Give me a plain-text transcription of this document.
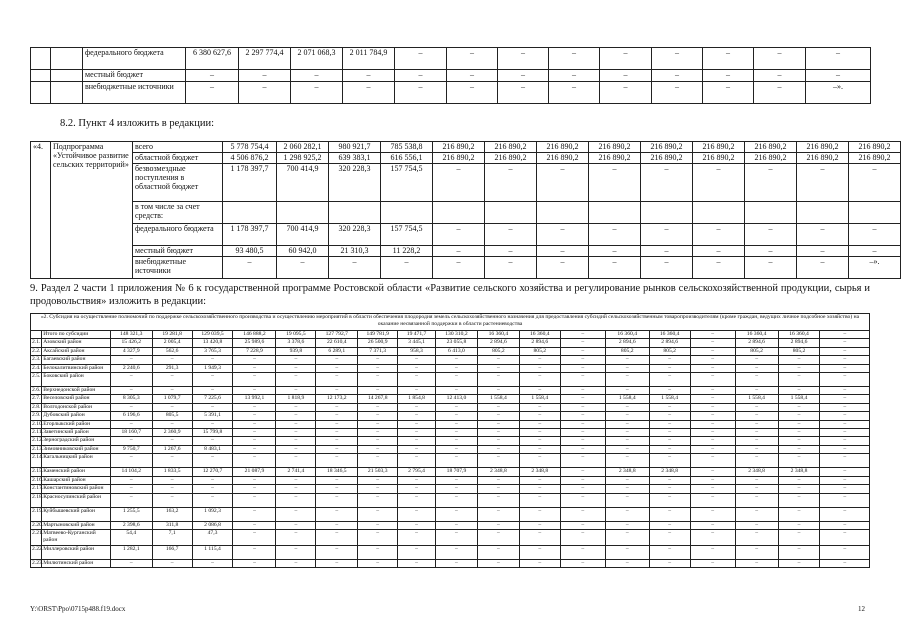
		федерального бюджета	6 380 627,6	2 297 774,4	2 071 068,3	2 011 784,9	–	–	–	–	–	–	–	–	–
		местный бюджет	–	–	–	–	–	–	–	–	–	–	–	–	–
		внебюджетные источники	–	–	–	–	–	–	–	–	–	–	–	–	–».
8.2. Пункт 4 изложить в редакции:
«4.	Подпрограмма «Устойчивое развитие сельских территорий»	всего	5 778 754,4	2 060 282,1	980 921,7	785 538,8	216 890,2	216 890,2	216 890,2	216 890,2	216 890,2	216 890,2	216 890,2	216 890,2	216 890,2
		областной бюджет	4 506 876,2	1 298 925,2	639 383,1	616 556,1	216 890,2	216 890,2	216 890,2	216 890,2	216 890,2	216 890,2	216 890,2	216 890,2	216 890,2
		безвозмездные поступления в областной бюджет	1 178 397,7	700 414,9	320 228,3	157 754,5	–	–	–	–	–	–	–	–	–
		в том числе за счет средств:													
		федерального бюджета	1 178 397,7	700 414,9	320 228,3	157 754,5	–	–	–	–	–	–	–	–	–
		местный бюджет	93 480,5	60 942,0	21 310,3	11 228,2	–	–	–	–	–	–	–	–	–
		внебюджетные источники	–	–	–	–	–	–	–	–	–	–	–	–	–».
9. Раздел 2 части 1 приложения № 6 к государственной программе Ростовской области «Развитие сельского хозяйства и регулирование рынков сельскохозяйственной продукции, сырья и продовольствия» изложить в редакции:
«2. Субсидия на осуществление полномочий по поддержке сельскохозяйственного производства и осуществлению мероприятий в области обеспечения плодородия земель сельскохозяйственного назначения для предоставления субсидий сельскохозяйственным товаропроизводителям (кроме граждан, ведущих личное подсобное хозяйство) на оказание несвязанной поддержки в области растениеводства																			
	Итого по субсидии	148 321,3	19 281,8	129 039,5	146 888,2	19 095,5	127 792,7	149 781,9	19 471,7	130 310,2	16 360,4	16 360,4	–	16 360,4	16 360,4	–	16 360,4	16 360,4	–
2.1.	Азовский район	15 426,2	2 005,4	13 420,8	25 989,6	3 378,6	22 610,4	26 500,9	3 445,1	23 055,8	2 894,6	2 894,6	–	2 894,6	2 894,6	–	2 894,6	2 894,6	–
2.2.	Аксайский район	4 327,9	562,6	3 765,3	7 228,9	939,8	6 289,1	7 371,3	958,3	6 413,0	805,2	805,2	–	805,2	805,2	–	805,2	805,2	–
2.3.	Багаевский район	–	–	–	–	–	–	–	–	–	–	–	–	–	–	–	–	–	–
2.4.	Белокалитвинский район	2 240,6	291,3	1 949,3	–	–	–	–	–	–	–	–	–	–	–	–	–	–	–
2.5.	Боковский район	–	–	–	–	–	–	–	–	–	–	–	–	–	–	–	–	–	–
2.6.	Верхнедонской район	–	–	–	–	–	–	–	–	–	–	–	–	–	–	–	–	–	–
2.7.	Веселовский район	8 305,3	1 079,7	7 225,6	13 992,1	1 818,9	12 173,2	14 267,8	1 854,8	12 413,0	1 558,4	1 558,4	–	1 558,4	1 558,4	–	1 558,4	1 558,4	–
2.8.	Волгодонской район	–	–	–	–	–	–	–	–	–	–	–	–	–	–	–	–	–	–
2.9.	Дубовский район	6 196,6	805,5	5 391,1	–	–	–	–	–	–	–	–	–	–	–	–	–	–	–
2.10.	Егорлыкский район	–	–	–	–	–	–	–	–	–	–	–	–	–	–	–	–	–	–
2.11.	Заветинский район	18 160,7	2 360,9	15 799,8	–	–	–	–	–	–	–	–	–	–	–	–	–	–	–
2.12.	Зерноградский район	–	–	–	–	–	–	–	–	–	–	–	–	–	–	–	–	–	–
2.13.	Зимовниковский район	9 750,7	1 267,6	8 483,1	–	–	–	–	–	–	–	–	–	–	–	–	–	–	–
2.14.	Кагальницкий район	–	–	–	–	–	–	–	–	–	–	–	–	–	–	–	–	–	–
2.15.	Каменский район	14 104,2	1 833,5	12 270,7	21 087,9	2 741,4	18 346,5	21 503,3	2 795,4	18 707,9	2 348,8	2 348,8	–	2 348,8	2 348,8	–	2 348,8	2 348,8	–
2.16.	Кашарский район	–	–	–	–	–	–	–	–	–	–	–	–	–	–	–	–	–	–
2.17.	Константиновский район	–	–	–	–	–	–	–	–	–	–	–	–	–	–	–	–	–	–
2.18.	Красносулинский район	–	–	–	–	–	–	–	–	–	–	–	–	–	–	–	–	–	–
2.19.	Куйбышевский район	1 255,5	163,2	1 092,3	–	–	–	–	–	–	–	–	–	–	–	–	–	–	–
2.20.	Мартыновский район	2 398,6	311,8	2 086,8	–	–	–	–	–	–	–	–	–	–	–	–	–	–	–
2.21.	Матвеево-Курганский район	54,4	7,1	47,3	–	–	–	–	–	–	–	–	–	–	–	–	–	–	–
2.22.	Миллеровский район	1 282,1	166,7	1 115,4	–	–	–	–	–	–	–	–	–	–	–	–	–	–	–
2.23.	Милютинский район	–	–	–	–	–	–	–	–	–	–	–	–	–	–	–	–	–	–
Y:\ORST\Ppo\0715p488.f19.docx	12
